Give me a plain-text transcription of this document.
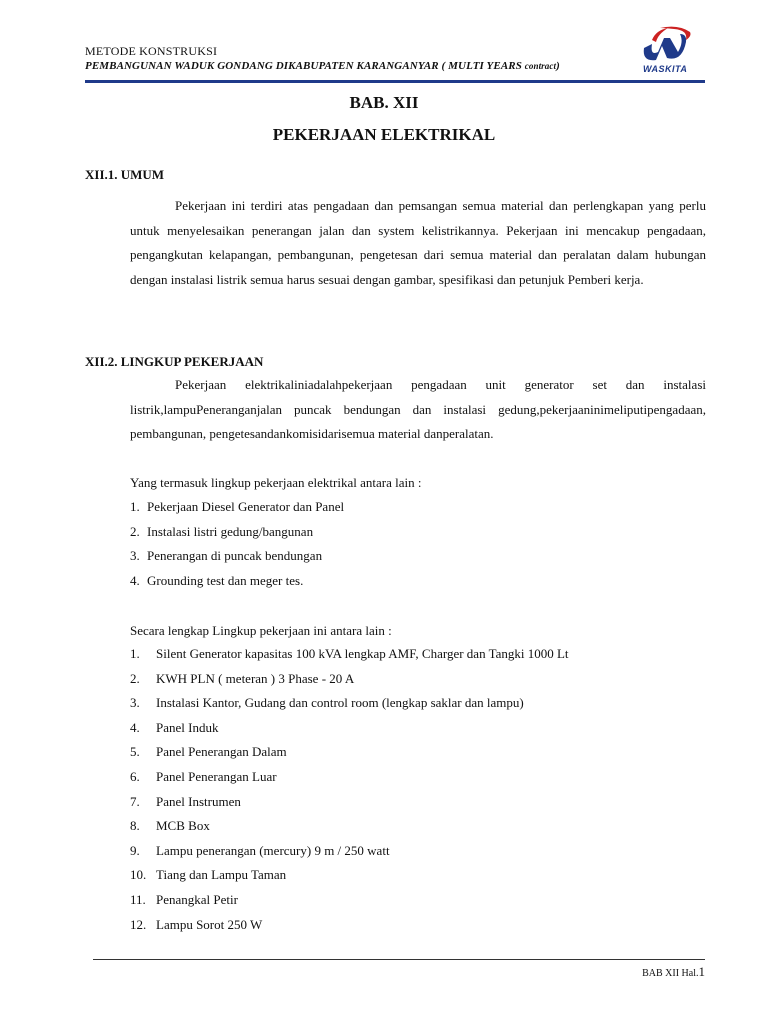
METODE KONSTRUKSI
PEMBANGUNAN WADUK GONDANG DIKABUPATEN KARANGANYAR ( MULTI YEARS contract)	WASKITA
BAB. XII
PEKERJAAN ELEKTRIKAL
XII.1. UMUM

Pekerjaan ini terdiri atas pengadaan dan pemsangan semua material dan perlengkapan yang perlu untuk menyelesaikan penerangan jalan dan system kelistrikannya. Pekerjaan ini mencakup pengadaan, pengangkutan kelapangan, pembangunan, pengetesan dari semua material dan peralatan dalam hubungan dengan instalasi listrik semua harus sesuai dengan gambar, spesifikasi dan petunjuk Pemberi kerja.

XII.2. LINGKUP PEKERJAAN

Pekerjaan elektrikaliniadalahpekerjaan pengadaan unit generator set dan instalasi listrik,lampuPeneranganjalan puncak bendungan dan instalasi gedung,pekerjaaninimeliputipengadaan, pembangunan, pengetesandankomisidarisemua material danperalatan.

Yang termasuk lingkup pekerjaan elektrikal antara lain :
1. Pekerjaan Diesel Generator dan Panel
2. Instalasi listri gedung/bangunan
3. Penerangan di puncak bendungan
4. Grounding test dan meger tes.
Secara lengkap Lingkup pekerjaan ini antara lain :
1. Silent Generator kapasitas 100 kVA lengkap AMF, Charger dan Tangki 1000 Lt
2. KWH PLN ( meteran ) 3 Phase - 20 A
3. Instalasi Kantor, Gudang dan control room (lengkap saklar dan lampu)
4. Panel Induk
5. Panel Penerangan Dalam
6. Panel Penerangan Luar
7. Panel Instrumen
8. MCB Box
9. Lampu penerangan (mercury) 9 m / 250 watt
10. Tiang dan Lampu Taman
11. Penangkal Petir
12. Lampu Sorot 250 W
BAB XII Hal.1
